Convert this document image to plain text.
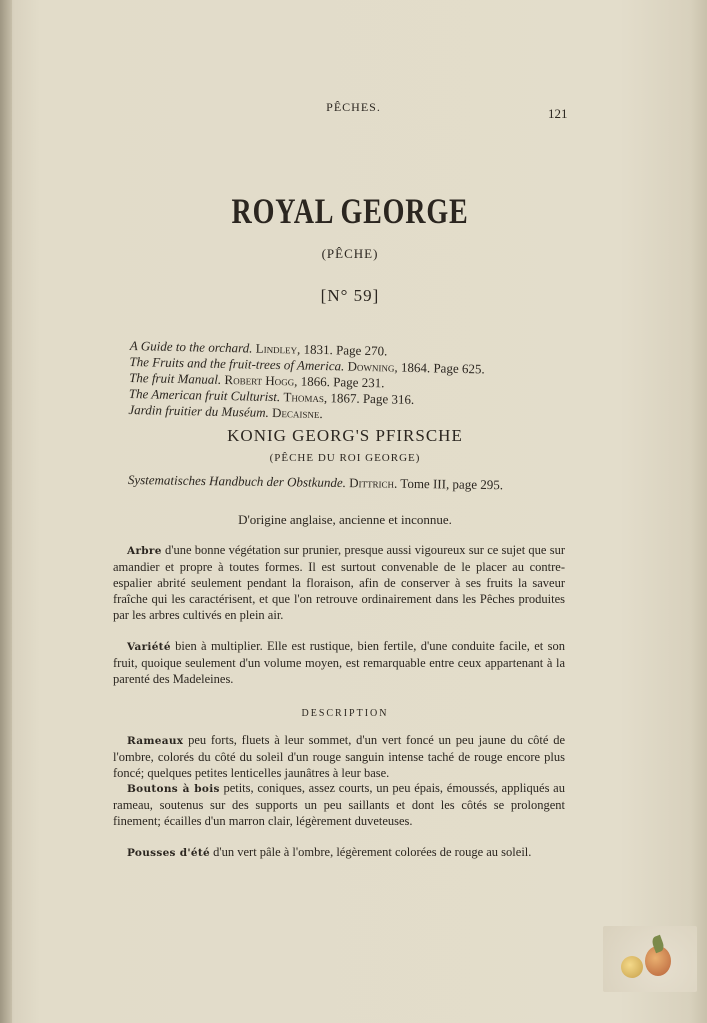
PÊCHES.	121
ROYAL GEORGE
(PÊCHE)
[N° 59]
A Guide to the orchard. Lindley, 1831. Page 270.
The Fruits and the fruit-trees of America. Downing, 1864. Page 625.
The fruit Manual. Robert Hogg, 1866. Page 231.
The American fruit Culturist. Thomas, 1867. Page 316.
Jardin fruitier du Muséum. Decaisne.
KONIG GEORG'S PFIRSCHE
(PÊCHE DU ROI GEORGE)
Systematisches Handbuch der Obstkunde. Dittrich. Tome III, page 295.
D'origine anglaise, ancienne et inconnue.

Arbre d'une bonne végétation sur prunier, presque aussi vigoureux sur ce sujet que sur amandier et propre à toutes formes. Il est surtout convenable de le placer au contre-espalier abrité seulement pendant la floraison, afin de conserver à ses fruits la saveur fraîche qui les caractérisent, et que l'on retrouve ordinairement dans les Pêches produites par les arbres cultivés en plein air.

Variété bien à multiplier. Elle est rustique, bien fertile, d'une conduite facile, et son fruit, quoique seulement d'un volume moyen, est remarquable entre ceux appartenant à la parenté des Madeleines.

DESCRIPTION

Rameaux peu forts, fluets à leur sommet, d'un vert foncé un peu jaune du côté de l'ombre, colorés du côté du soleil d'un rouge sanguin intense taché de rouge encore plus foncé; quelques petites lenticelles jaunâtres à leur base.

Boutons à bois petits, coniques, assez courts, un peu épais, émoussés, appliqués au rameau, soutenus sur des supports un peu saillants et dont les côtés se prolongent finement; écailles d'un marron clair, légèrement duveteuses.

Pousses d'été d'un vert pâle à l'ombre, légèrement colorées de rouge au soleil.
